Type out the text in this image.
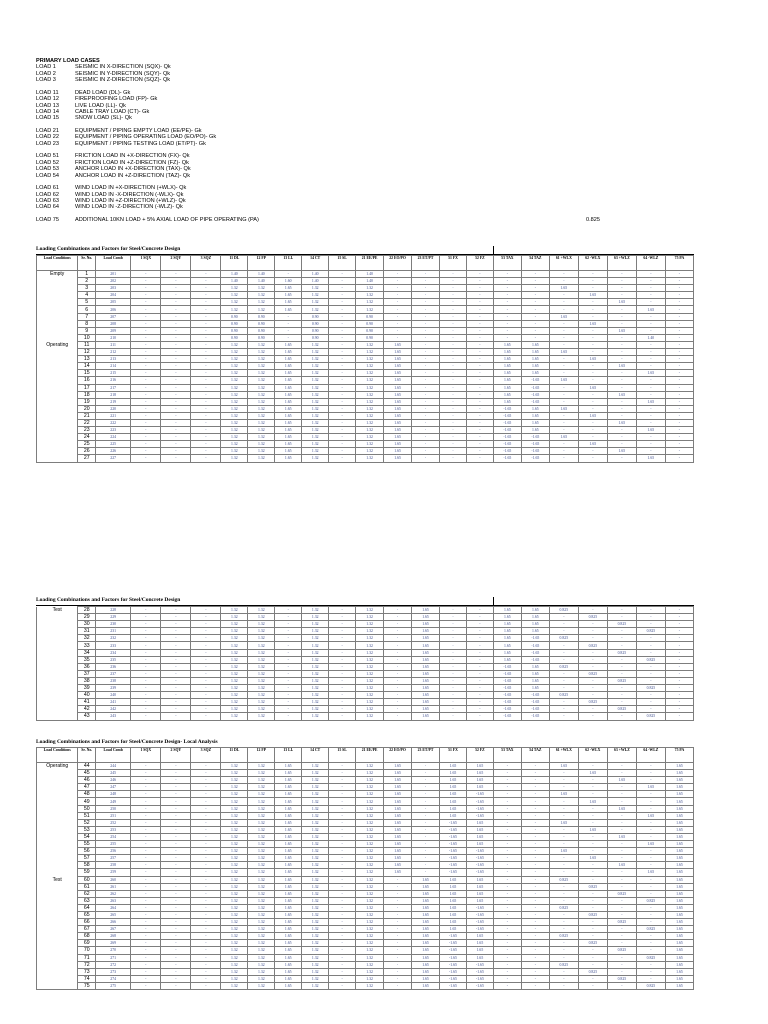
PRIMARY LOAD CASES
LOAD 1	SEISMIC IN X-DIRECTION (SQX)- Qk
LOAD 2	SEISMIC IN Y-DIRECTION (SQY)- Qk
LOAD 3	SEISMIC IN Z-DIRECTION (SQZ)- Qk
LOAD 11	DEAD LOAD (DL)- Gk
LOAD 12	FIREPROOFING LOAD (FP)- Gk
LOAD 13	LIVE LOAD (LL)- Qk
LOAD 14	CABLE TRAY LOAD (CT)- Gk
LOAD 15	SNOW LOAD (SL)- Qk
LOAD 21	EQUIPMENT / PIPING EMPTY LOAD (EE/PE)- Gk
LOAD 22	EQUIPMENT / PIPING OPERATING LOAD (EO/PO)- Gk
LOAD 23	EQUIPMENT / PIPING TESTING LOAD (ET/PT)- Gk
LOAD 51	FRICTION LOAD IN +X-DIRECTION (FX)- Qk
LOAD 52	FRICTION LOAD IN +Z-DIRECTION (FZ)- Qk
LOAD 53	ANCHOR LOAD IN +X-DIRECTION (TAX)- Qk
LOAD 54	ANCHOR LOAD IN +Z-DIRECTION (TAZ)- Qk
LOAD 61	WIND LOAD IN +X-DIRECTION (+WLX)- Qk
LOAD 62	WIND LOAD IN -X-DIRECTION (-WLX)- Qk
LOAD 63	WIND LOAD IN +Z-DIRECTION (+WLZ)- Qk
LOAD 64	WIND LOAD IN -Z-DIRECTION (-WLZ)- Qk
LOAD 75	ADDITIONAL 10KN LOAD + 5% AXIAL LOAD OF PIPE OPERATING (PA)	0.825
Loading Combinations and Factors for Steel/Concrete Design
Load Conditions	Sr. No.	Load Comb	1 SQX	2 SQY	3 SQZ	11 DL	12 FP	13 LL	14 CT	15 SL	21 EE/PE	22 EO/PO	23 ET/PT	51 FX	52 FZ	53 TAX	54 TAZ	61 +WLX	62 -WLX	63 +WLZ	64 -WLZ	75 PA
Empty	1	201	-	-	-	1.40	1.40	-	1.40	-	1.40	-	-	-	-	-	-	-	-	-	-	-
	2	202	-	-	-	1.40	1.40	1.60	1.40	-	1.40	-	-	-	-	-	-	-	-	-	-	-
	3	203	-	-	-	1.32	1.32	1.65	1.32	-	1.32	-	-	-	-	-	-	1.65	-	-	-	-
	4	204	-	-	-	1.32	1.32	1.65	1.32	-	1.32	-	-	-	-	-	-	-	1.65	-	-	-
	5	205	-	-	-	1.32	1.32	1.65	1.32	-	1.32	-	-	-	-	-	-	-	-	1.65	-	-
	6	206	-	-	-	1.32	1.32	1.65	1.32	-	1.32	-	-	-	-	-	-	-	-	-	1.65	-
	7	207	-	-	-	0.90	0.90	-	0.90	-	0.90	-	-	-	-	-	-	1.65	-	-	-	-
	8	208	-	-	-	0.90	0.90	-	0.90	-	0.90	-	-	-	-	-	-	-	1.65	-	-	-
	9	209	-	-	-	0.90	0.90	-	0.90	-	0.90	-	-	-	-	-	-	-	-	1.65	-	-
	10	210	-	-	-	0.90	0.90	-	0.90	-	0.90	-	-	-	-	-	-	-	-	-	1.40	-
Operating	11	211	-	-	-	1.32	1.32	1.65	1.32	-	1.32	1.65	-	-	-	1.65	1.65	-	-	-	-	-
	12	212	-	-	-	1.32	1.32	1.65	1.32	-	1.32	1.65	-	-	-	1.65	1.65	1.65	-	-	-	-
	13	213	-	-	-	1.32	1.32	1.65	1.32	-	1.32	1.65	-	-	-	1.65	1.65	-	1.65	-	-	-
	14	214	-	-	-	1.32	1.32	1.65	1.32	-	1.32	1.65	-	-	-	1.65	1.65	-	-	1.65	-	-
	15	215	-	-	-	1.32	1.32	1.65	1.32	-	1.32	1.65	-	-	-	1.65	1.65	-	-	-	1.65	-
	16	216	-	-	-	1.32	1.32	1.65	1.32	-	1.32	1.65	-	-	-	1.65	-1.65	1.65	-	-	-	-
	17	217	-	-	-	1.32	1.32	1.65	1.32	-	1.32	1.65	-	-	-	1.65	-1.65	-	1.65	-	-	-
	18	218	-	-	-	1.32	1.32	1.65	1.32	-	1.32	1.65	-	-	-	1.65	-1.65	-	-	1.65	-	-
	19	219	-	-	-	1.32	1.32	1.65	1.32	-	1.32	1.65	-	-	-	1.65	-1.65	-	-	-	1.65	-
	20	220	-	-	-	1.32	1.32	1.65	1.32	-	1.32	1.65	-	-	-	-1.65	1.65	1.65	-	-	-	-
	21	221	-	-	-	1.32	1.32	1.65	1.32	-	1.32	1.65	-	-	-	-1.65	1.65	-	1.65	-	-	-
	22	222	-	-	-	1.32	1.32	1.65	1.32	-	1.32	1.65	-	-	-	-1.65	1.65	-	-	1.65	-	-
	23	223	-	-	-	1.32	1.32	1.65	1.32	-	1.32	1.65	-	-	-	-1.65	1.65	-	-	-	1.65	-
	24	224	-	-	-	1.32	1.32	1.65	1.32	-	1.32	1.65	-	-	-	-1.65	-1.65	1.65	-	-	-	-
	25	225	-	-	-	1.32	1.32	1.65	1.32	-	1.32	1.65	-	-	-	-1.65	-1.65	-	1.65	-	-	-
	26	226	-	-	-	1.32	1.32	1.65	1.32	-	1.32	1.65	-	-	-	-1.65	-1.65	-	-	1.65	-	-
	27	227	-	-	-	1.32	1.32	1.65	1.32	-	1.32	1.65	-	-	-	-1.65	-1.65	-	-	-	1.65	-
Loading Combinations and Factors for Steel/Concrete Design
Test	28	228	-	-	-	1.32	1.32	-	1.32	-	1.32	-	1.65	-	-	1.65	1.65	0.825	-	-	-	-
	29	229	-	-	-	1.32	1.32	-	1.32	-	1.32	-	1.65	-	-	1.65	1.65	-	0.825	-	-	-
	30	230	-	-	-	1.32	1.32	-	1.32	-	1.32	-	1.65	-	-	1.65	1.65	-	-	0.825	-	-
	31	231	-	-	-	1.32	1.32	-	1.32	-	1.32	-	1.65	-	-	1.65	1.65	-	-	-	0.825	-
	32	232	-	-	-	1.32	1.32	-	1.32	-	1.32	-	1.65	-	-	1.65	-1.65	0.825	-	-	-	-
	33	233	-	-	-	1.32	1.32	-	1.32	-	1.32	-	1.65	-	-	1.65	-1.65	-	0.825	-	-	-
	34	234	-	-	-	1.32	1.32	-	1.32	-	1.32	-	1.65	-	-	1.65	-1.65	-	-	0.825	-	-
	35	235	-	-	-	1.32	1.32	-	1.32	-	1.32	-	1.65	-	-	1.65	-1.65	-	-	-	0.825	-
	36	236	-	-	-	1.32	1.32	-	1.32	-	1.32	-	1.65	-	-	-1.65	1.65	0.825	-	-	-	-
	37	237	-	-	-	1.32	1.32	-	1.32	-	1.32	-	1.65	-	-	-1.65	1.65	-	0.825	-	-	-
	38	238	-	-	-	1.32	1.32	-	1.32	-	1.32	-	1.65	-	-	-1.65	1.65	-	-	0.825	-	-
	39	239	-	-	-	1.32	1.32	-	1.32	-	1.32	-	1.65	-	-	-1.65	1.65	-	-	-	0.825	-
	40	240	-	-	-	1.32	1.32	-	1.32	-	1.32	-	1.65	-	-	-1.65	-1.65	0.825	-	-	-	-
	41	241	-	-	-	1.32	1.32	-	1.32	-	1.32	-	1.65	-	-	-1.65	-1.65	-	0.825	-	-	-
	42	242	-	-	-	1.32	1.32	-	1.32	-	1.32	-	1.65	-	-	-1.65	-1.65	-	-	0.825	-	-
	43	243	-	-	-	1.32	1.32	-	1.32	-	1.32	-	1.65	-	-	-1.65	-1.65	-	-	-	0.825	-
Loading Combinations and Factors for Steel/Concrete Design- Local Analysis
Load Conditions	Sr. No.	Load Comb	1 SQX	2 SQY	3 SQZ	11 DL	12 FP	13 LL	14 CT	15 SL	21 EE/PE	22 EO/PO	23 ET/PT	51 FX	52 FZ	53 TAX	54 TAZ	61 +WLX	62 -WLX	63 +WLZ	64 -WLZ	75 PA
Operating	44	244	-	-	-	1.32	1.32	1.65	1.32	-	1.32	1.65	-	1.65	1.65	-	-	1.65	-	-	-	1.65
	45	245	-	-	-	1.32	1.32	1.65	1.32	-	1.32	1.65	-	1.65	1.65	-	-	-	1.65	-	-	1.65
	46	246	-	-	-	1.32	1.32	1.65	1.32	-	1.32	1.65	-	1.65	1.65	-	-	-	-	1.65	-	1.65
	47	247	-	-	-	1.32	1.32	1.65	1.32	-	1.32	1.65	-	1.65	1.65	-	-	-	-	-	1.65	1.65
	48	248	-	-	-	1.32	1.32	1.65	1.32	-	1.32	1.65	-	1.65	-1.65	-	-	1.65	-	-	-	1.65
	49	249	-	-	-	1.32	1.32	1.65	1.32	-	1.32	1.65	-	1.65	-1.65	-	-	-	1.65	-	-	1.65
	50	250	-	-	-	1.32	1.32	1.65	1.32	-	1.32	1.65	-	1.65	-1.65	-	-	-	-	1.65	-	1.65
	51	251	-	-	-	1.32	1.32	1.65	1.32	-	1.32	1.65	-	1.65	-1.65	-	-	-	-	-	1.65	1.65
	52	252	-	-	-	1.32	1.32	1.65	1.32	-	1.32	1.65	-	-1.65	1.65	-	-	1.65	-	-	-	1.65
	53	253	-	-	-	1.32	1.32	1.65	1.32	-	1.32	1.65	-	-1.65	1.65	-	-	-	1.65	-	-	1.65
	54	254	-	-	-	1.32	1.32	1.65	1.32	-	1.32	1.65	-	-1.65	1.65	-	-	-	-	1.65	-	1.65
	55	255	-	-	-	1.32	1.32	1.65	1.32	-	1.32	1.65	-	-1.65	1.65	-	-	-	-	-	1.65	1.65
	56	256	-	-	-	1.32	1.32	1.65	1.32	-	1.32	1.65	-	-1.65	-1.65	-	-	1.65	-	-	-	1.65
	57	257	-	-	-	1.32	1.32	1.65	1.32	-	1.32	1.65	-	-1.65	-1.65	-	-	-	1.65	-	-	1.65
	58	258	-	-	-	1.32	1.32	1.65	1.32	-	1.32	1.65	-	-1.65	-1.65	-	-	-	-	1.65	-	1.65
	59	259	-	-	-	1.32	1.32	1.65	1.32	-	1.32	1.65	-	-1.65	-1.65	-	-	-	-	-	1.65	1.65
Test	60	260	-	-	-	1.32	1.32	1.65	1.32	-	1.32	-	1.65	1.65	1.65	-	-	0.825	-	-	-	1.65
	61	261	-	-	-	1.32	1.32	1.65	1.32	-	1.32	-	1.65	1.65	1.65	-	-	-	0.825	-	-	1.65
	62	262	-	-	-	1.32	1.32	1.65	1.32	-	1.32	-	1.65	1.65	1.65	-	-	-	-	0.825	-	1.65
	63	263	-	-	-	1.32	1.32	1.65	1.32	-	1.32	-	1.65	1.65	1.65	-	-	-	-	-	0.825	1.65
	64	264	-	-	-	1.32	1.32	1.65	1.32	-	1.32	-	1.65	1.65	-1.65	-	-	0.825	-	-	-	1.65
	65	265	-	-	-	1.32	1.32	1.65	1.32	-	1.32	-	1.65	1.65	-1.65	-	-	-	0.825	-	-	1.65
	66	266	-	-	-	1.32	1.32	1.65	1.32	-	1.32	-	1.65	1.65	-1.65	-	-	-	-	0.825	-	1.65
	67	267	-	-	-	1.32	1.32	1.65	1.32	-	1.32	-	1.65	1.65	-1.65	-	-	-	-	-	0.825	1.65
	68	268	-	-	-	1.32	1.32	1.65	1.32	-	1.32	-	1.65	-1.65	1.65	-	-	0.825	-	-	-	1.65
	69	269	-	-	-	1.32	1.32	1.65	1.32	-	1.32	-	1.65	-1.65	1.65	-	-	-	0.825	-	-	1.65
	70	270	-	-	-	1.32	1.32	1.65	1.32	-	1.32	-	1.65	-1.65	1.65	-	-	-	-	0.825	-	1.65
	71	271	-	-	-	1.32	1.32	1.65	1.32	-	1.32	-	1.65	-1.65	1.65	-	-	-	-	-	0.825	1.65
	72	272	-	-	-	1.32	1.32	1.65	1.32	-	1.32	-	1.65	-1.65	-1.65	-	-	0.825	-	-	-	1.65
	73	273	-	-	-	1.32	1.32	1.65	1.32	-	1.32	-	1.65	-1.65	-1.65	-	-	-	0.825	-	-	1.65
	74	274	-	-	-	1.32	1.32	1.65	1.32	-	1.32	-	1.65	-1.65	-1.65	-	-	-	-	0.825	-	1.65
	75	275	-	-	-	1.32	1.32	1.65	1.32	-	1.32	-	1.65	-1.65	-1.65	-	-	-	-	-	0.825	1.65
